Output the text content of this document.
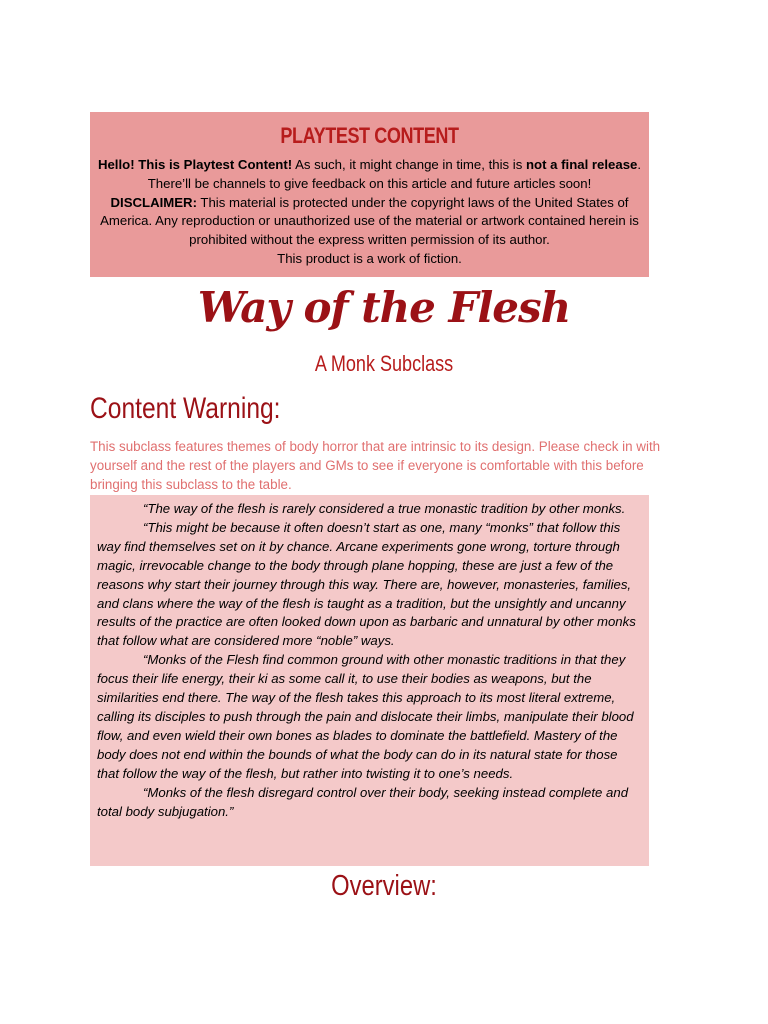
PLAYTEST CONTENT
Hello! This is Playtest Content! As such, it might change in time, this is not a final release. There’ll be channels to give feedback on this article and future articles soon!
DISCLAIMER: This material is protected under the copyright laws of the United States of America. Any reproduction or unauthorized use of the material or artwork contained herein is prohibited without the express written permission of its author.
This product is a work of fiction.
Way of the Flesh
A Monk Subclass
Content Warning:
This subclass features themes of body horror that are intrinsic to its design. Please check in with yourself and the rest of the players and GMs to see if everyone is comfortable with this before bringing this subclass to the table.

“The way of the flesh is rarely considered a true monastic tradition by other monks.

“This might be because it often doesn’t start as one, many “monks” that follow this way find themselves set on it by chance. Arcane experiments gone wrong, torture through magic, irrevocable change to the body through plane hopping, these are just a few of the reasons why start their journey through this way. There are, however, monasteries, families, and clans where the way of the flesh is taught as a tradition, but the unsightly and uncanny results of the practice are often looked down upon as barbaric and unnatural by other monks that follow what are considered more “noble” ways.

“Monks of the Flesh find common ground with other monastic traditions in that they focus their life energy, their ki as some call it, to use their bodies as weapons, but the similarities end there. The way of the flesh takes this approach to its most literal extreme, calling its disciples to push through the pain and dislocate their limbs, manipulate their blood flow, and even wield their own bones as blades to dominate the battlefield. Mastery of the body does not end within the bounds of what the body can do in its natural state for those that follow the way of the flesh, but rather into twisting it to one’s needs.

“Monks of the flesh disregard control over their body, seeking instead complete and total body subjugation.”

Overview:
